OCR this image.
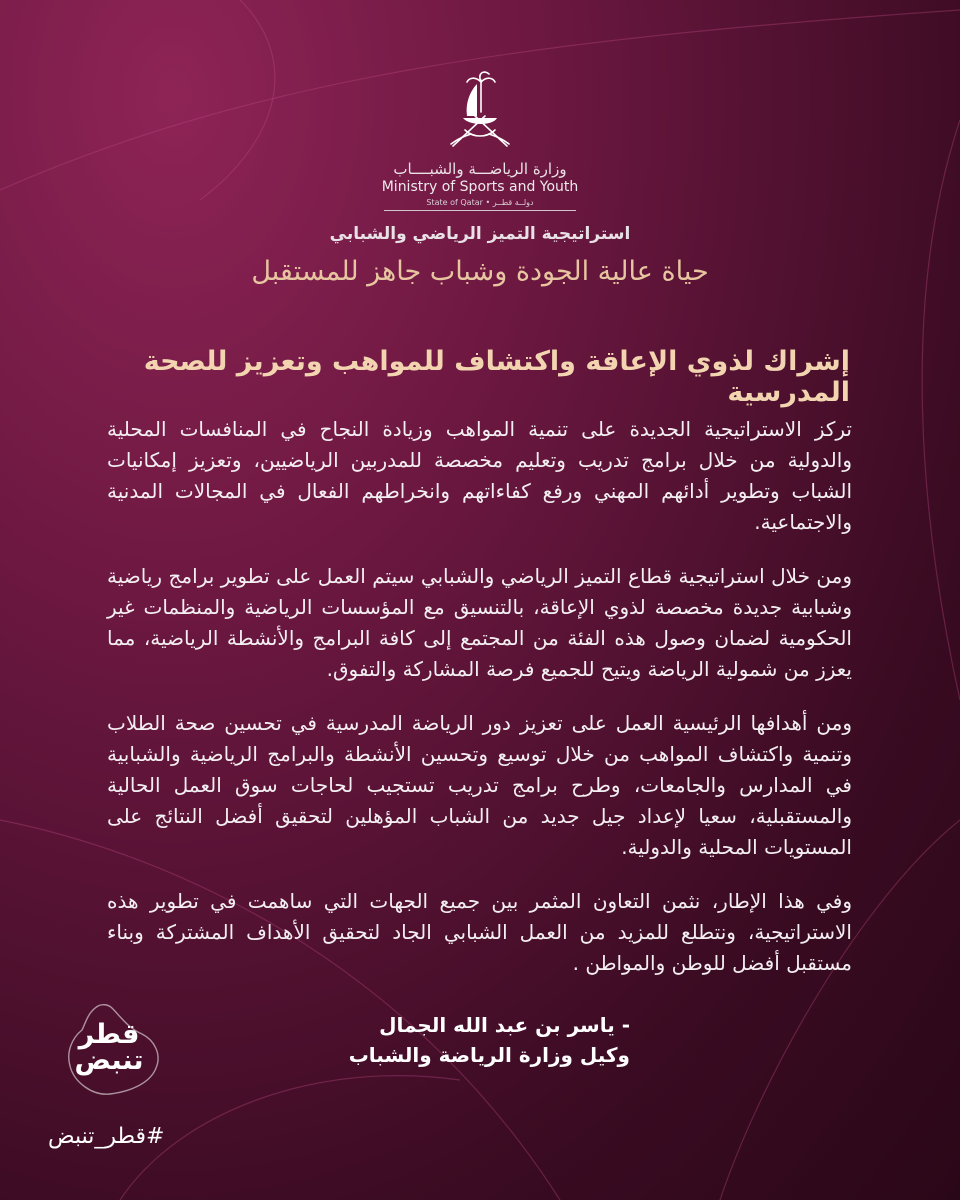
وزارة الرياضـــة والشبــــاب
Ministry of Sports and Youth
State of Qatar • دولــة قطــر
استراتيجية التميز الرياضي والشبابي
حياة عالية الجودة وشباب جاهز للمستقبل
إشراك لذوي الإعاقة واكتشاف للمواهب وتعزيز للصحة المدرسية

تركز الاستراتيجية الجديدة على تنمية المواهب وزيادة النجاح في المنافسات المحلية والدولية من خلال برامج تدريب وتعليم مخصصة للمدربين الرياضيين، وتعزيز إمكانيات الشباب وتطوير أدائهم المهني ورفع كفاءاتهم وانخراطهم الفعال في المجالات المدنية والاجتماعية.

ومن خلال استراتيجية قطاع التميز الرياضي والشبابي سيتم العمل على تطوير برامج رياضية وشبابية جديدة مخصصة لذوي الإعاقة، بالتنسيق مع المؤسسات الرياضية والمنظمات غير الحكومية لضمان وصول هذه الفئة من المجتمع إلى كافة البرامج والأنشطة الرياضية، مما يعزز من شمولية الرياضة ويتيح للجميع فرصة المشاركة والتفوق.

ومن أهدافها الرئيسية العمل على تعزيز دور الرياضة المدرسية في تحسين صحة الطلاب وتنمية واكتشاف المواهب من خلال توسيع وتحسين الأنشطة والبرامج الرياضية والشبابية في المدارس والجامعات، وطرح برامج تدريب تستجيب لحاجات سوق العمل الحالية والمستقبلية، سعيا لإعداد جيل جديد من الشباب المؤهلين لتحقيق أفضل النتائج على المستويات المحلية والدولية.

وفي هذا الإطار، نثمن التعاون المثمر بين جميع الجهات التي ساهمت في تطوير هذه الاستراتيجية، ونتطلع للمزيد من العمل الشبابي الجاد لتحقيق الأهداف المشتركة وبناء مستقبل أفضل للوطن والمواطن .

- ياسر بن عبد الله الجمال
وكيل وزارة الرياضة والشباب
قطر
تنبض
#قطر_تنبض
